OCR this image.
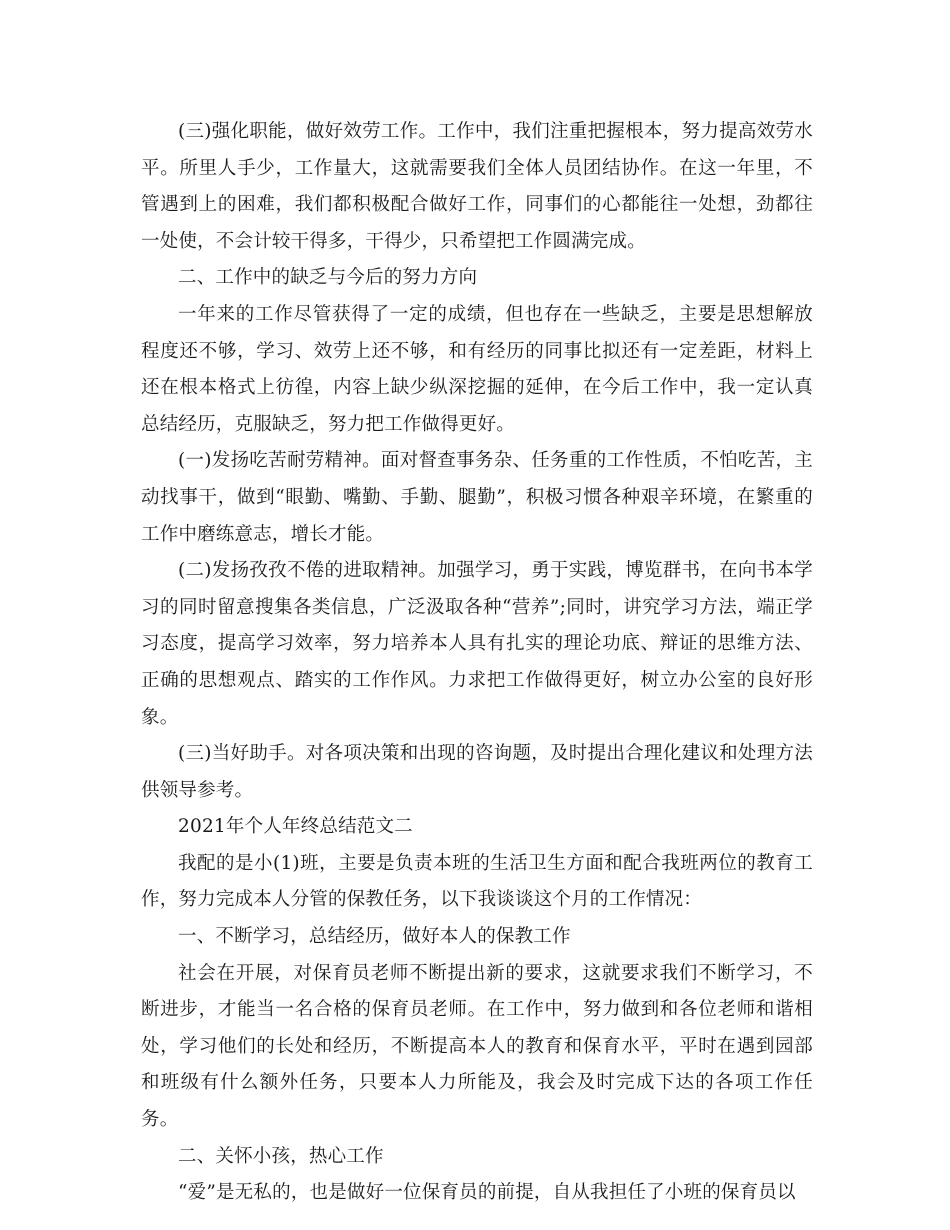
(三)强化职能，做好效劳工作。工作中，我们注重把握根本，努力提高效劳水平。所里人手少，工作量大，这就需要我们全体人员团结协作。在这一年里，不管遇到上的困难，我们都积极配合做好工作，同事们的心都能往一处想，劲都往一处使，不会计较干得多，干得少，只希望把工作圆满完成。

二、工作中的缺乏与今后的努力方向

一年来的工作尽管获得了一定的成绩，但也存在一些缺乏，主要是思想解放程度还不够，学习、效劳上还不够，和有经历的同事比拟还有一定差距，材料上还在根本格式上彷徨，内容上缺少纵深挖掘的延伸，在今后工作中，我一定认真总结经历，克服缺乏，努力把工作做得更好。

(一)发扬吃苦耐劳精神。面对督查事务杂、任务重的工作性质，不怕吃苦，主动找事干，做到“眼勤、嘴勤、手勤、腿勤”，积极习惯各种艰辛环境，在繁重的工作中磨练意志，增长才能。

(二)发扬孜孜不倦的进取精神。加强学习，勇于实践，博览群书，在向书本学习的同时留意搜集各类信息，广泛汲取各种“营养”;同时，讲究学习方法，端正学习态度，提高学习效率，努力培养本人具有扎实的理论功底、辩证的思维方法、正确的思想观点、踏实的工作作风。力求把工作做得更好，树立办公室的良好形象。

(三)当好助手。对各项决策和出现的咨询题，及时提出合理化建议和处理方法供领导参考。

2021年个人年终总结范文二

我配的是小(1)班，主要是负责本班的生活卫生方面和配合我班两位的教育工作，努力完成本人分管的保教任务，以下我谈谈这个月的工作情况：

一、不断学习，总结经历，做好本人的保教工作

社会在开展，对保育员老师不断提出新的要求，这就要求我们不断学习，不断进步，才能当一名合格的保育员老师。在工作中，努力做到和各位老师和谐相处，学习他们的长处和经历，不断提高本人的教育和保育水平，平时在遇到园部和班级有什么额外任务，只要本人力所能及，我会及时完成下达的各项工作任务。

二、关怀小孩，热心工作

“爱”是无私的，也是做好一位保育员的前提，自从我担任了小班的保育员以
